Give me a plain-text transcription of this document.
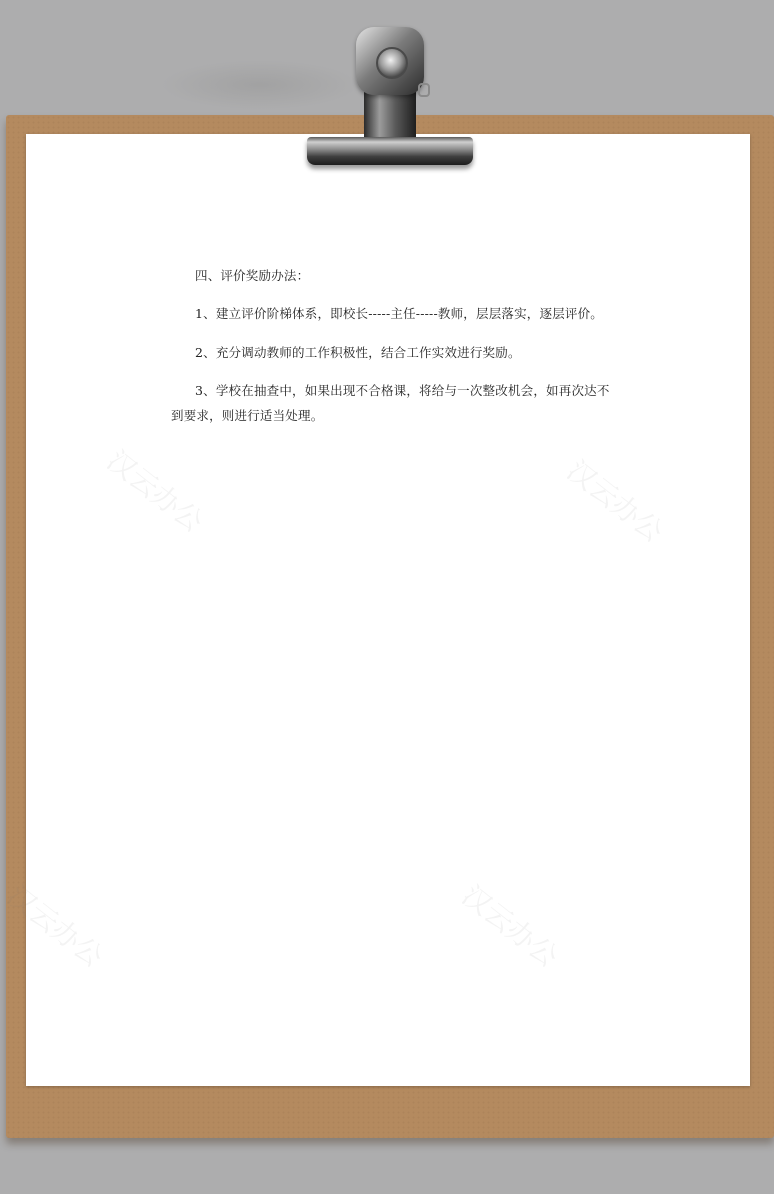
汉云办公	汉云办公
汉云办公	汉云办公

四、评价奖励办法：

1、建立评价阶梯体系，即校长-----主任-----教师，层层落实，逐层评价。

2、充分调动教师的工作积极性，结合工作实效进行奖励。

3、学校在抽查中，如果出现不合格课，将给与一次整改机会，如再次达不

到要求，则进行适当处理。
